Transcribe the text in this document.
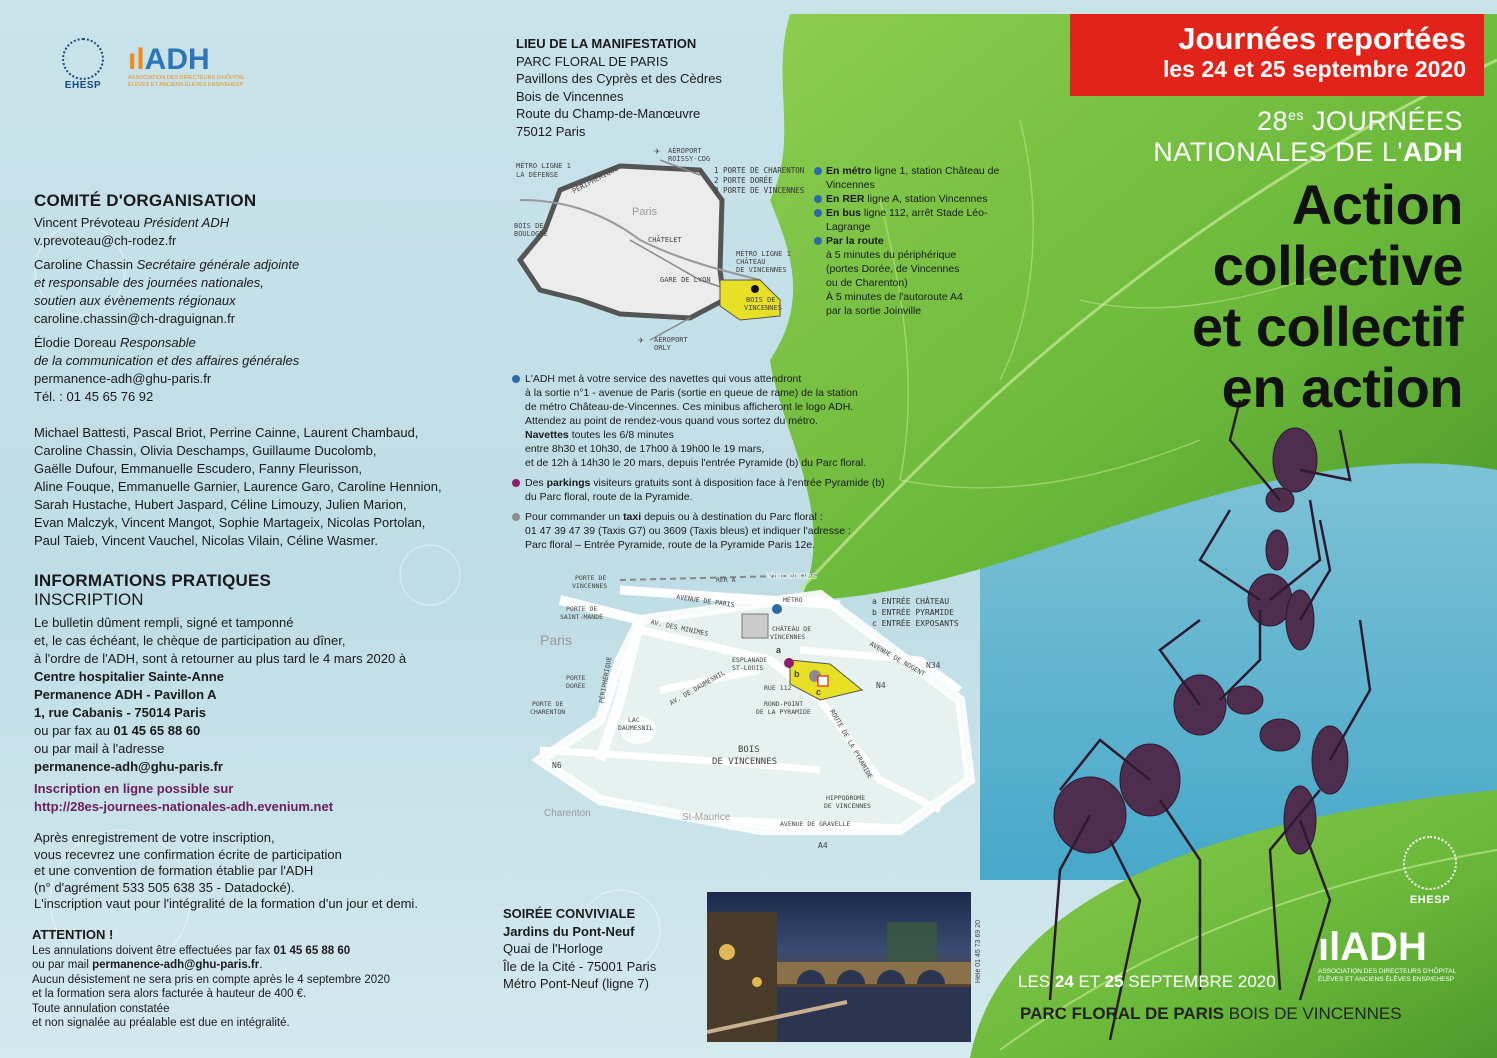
EHESP
ılADH
ASSOCIATION DES DIRECTEURS D'HÔPITAL ÉLÈVES ET ANCIENS ÉLÈVES ENSP/EHESP
COMITÉ D'ORGANISATION
Vincent Prévoteau Président ADH
v.prevoteau@ch-rodez.fr
Caroline Chassin Secrétaire générale adjointe
et responsable des journées nationales,
soutien aux évènements régionaux
caroline.chassin@ch-draguignan.fr
Élodie Doreau Responsable
de la communication et des affaires générales
permanence-adh@ghu-paris.fr
Tél. : 01 45 65 76 92
Michael Battesti, Pascal Briot, Perrine Cainne, Laurent Chambaud,
Caroline Chassin, Olivia Deschamps, Guillaume Ducolomb,
Gaëlle Dufour, Emmanuelle Escudero, Fanny Fleurisson,
Aline Fouque, Emmanuelle Garnier, Laurence Garo, Caroline Hennion,
Sarah Hustache, Hubert Jaspard, Céline Limouzy, Julien Marion,
Evan Malczyk, Vincent Mangot, Sophie Martageix, Nicolas Portolan,
Paul Taieb, Vincent Vauchel, Nicolas Vilain, Céline Wasmer.
INFORMATIONS PRATIQUES
INSCRIPTION
Le bulletin dûment rempli, signé et tamponné
et, le cas échéant, le chèque de participation au dîner,
à l'ordre de l'ADH, sont à retourner au plus tard le 4 mars 2020 à
Centre hospitalier Sainte-Anne
Permanence ADH - Pavillon A
1, rue Cabanis - 75014 Paris
ou par fax au 01 45 65 88 60
ou par mail à l'adresse
permanence-adh@ghu-paris.fr
Inscription en ligne possible sur
http://28es-journees-nationales-adh.evenium.net
Après enregistrement de votre inscription,
vous recevrez une confirmation écrite de participation
et une convention de formation établie par l'ADH
(n° d'agrément 533 505 638 35 - Datadocké).
L'inscription vaut pour l'intégralité de la formation d'un jour et demi.
ATTENTION !
Les annulations doivent être effectuées par fax 01 45 65 88 60
ou par mail permanence-adh@ghu-paris.fr.
Aucun désistement ne sera pris en compte après le 4 septembre 2020
et la formation sera alors facturée à hauteur de 400 €.
Toute annulation constatée
et non signalée au préalable est due en intégralité.
LIEU DE LA MANIFESTATION
PARC FLORAL DE PARIS
Pavillons des Cyprès et des Cèdres
Bois de Vincennes
Route du Champ-de-Manœuvre
75012 Paris
AÉROPORT ROISSY-CDG
MÉTRO LIGNE 1
LA DÉFENSE PÉRIPHÉRIQUE
BOIS DE
BOULOGNE
Paris
CHÂTELET
GARE DE LYON
MÉTRO LIGNE 1
CHÂTEAU
DE VINCENNES
BOIS DE
VINCENNES
AÉROPORT
ORLY
✈
✈
1 PORTE DE CHARENTON
2 PORTE DORÉE
3 PORTE DE VINCENNES
En métro ligne 1, station Château de Vincennes
En RER ligne A, station Vincennes
En bus ligne 112, arrêt Stade Léo-Lagrange
Par la route
à 5 minutes du périphérique
(portes Dorée, de Vincennes
ou de Charenton)
À 5 minutes de l'autoroute A4
par la sortie Joinville
L'ADH met à votre service des navettes qui vous attendront
à la sortie n°1 - avenue de Paris (sortie en queue de rame) de la station
de métro Château-de-Vincennes. Ces minibus afficheront le logo ADH.
Attendez au point de rendez-vous quand vous sortez du métro.
Navettes toutes les 6/8 minutes
entre 8h30 et 10h30, de 17h00 à 19h00 le 19 mars,
et de 12h à 14h30 le 20 mars, depuis l'entrée Pyramide (b) du Parc floral.
Des parkings visiteurs gratuits sont à disposition face à l'entrée Pyramide (b)
du Parc floral, route de la Pyramide.
Pour commander un taxi depuis ou à destination du Parc floral :
01 47 39 47 39 (Taxis G7) ou 3609 (Taxis bleus) et indiquer l'adresse :
Parc floral – Entrée Pyramide, route de la Pyramide Paris 12e.
PORTE DE
VINCENNES
PORTE DE
SAINT-MANDÉ
RER A	Vincennes
MÉTRO
AVENUE DE PARIS
CHÂTEAU DE
VINCENNES
Paris
PÉRIPHÉRIQUE
AV. DES MINIMES
ESPLANADE
ST-LOUIS	AVENUE DE NOGENT N34
N4
PORTE
DORÉE	RUE 112
ROND-POINT
DE LA PYRAMIDE
AV. DE DAUMESNIL
ROUTE DE LA PYRAMIDE
PORTE DE
CHARENTON
LAC
DAUMESNIL
BOIS
DE VINCENNES
N6
HIPPODROME
DE VINCENNES
Charenton	St-Maurice
AVENUE DE GRAVELLE
A4
a
b
c
a ENTRÉE CHÂTEAU
b ENTRÉE PYRAMIDE
c ENTRÉE EXPOSANTS
SOIRÉE CONVIVIALE
Jardins du Pont-Neuf
Quai de l'Horloge
Île de la Cité - 75001 Paris
Métro Pont-Neuf (ligne 7)
Hélé 01 45 73 69 20
Journées reportées
les 24 et 25 septembre 2020
$28^{es}$ JOURNÉES
NATIONALES DE L'ADH
Action
collective
et collectif
en action
EHESP
ılADH
ASSOCIATION DES DIRECTEURS D'HÔPITAL ÉLÈVES ET ANCIENS ÉLÈVES ENSP/EHESP
LES 24 ET 25 SEPTEMBRE 2020
PARC FLORAL DE PARIS BOIS DE VINCENNES
